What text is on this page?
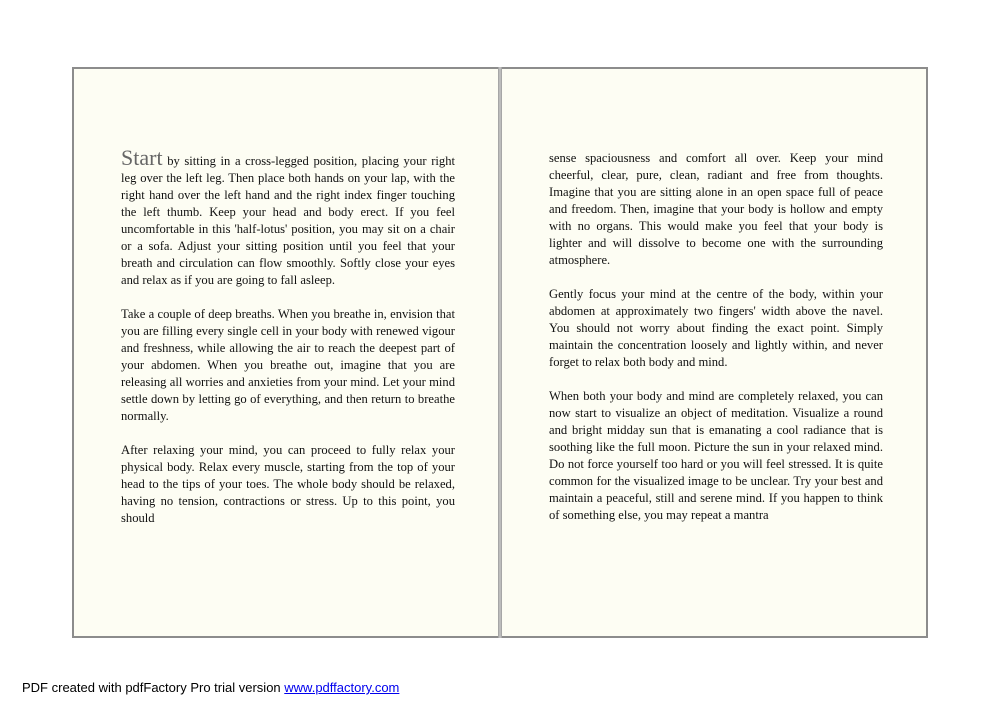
Start by sitting in a cross-legged position, placing your right leg over the left leg. Then place both hands on your lap, with the right hand over the left hand and the right index finger touching the left thumb. Keep your head and body erect. If you feel uncomfortable in this 'half-lotus' position, you may sit on a chair or a sofa. Adjust your sitting position until you feel that your breath and circulation can flow smoothly. Softly close your eyes and relax as if you are going to fall asleep.

Take a couple of deep breaths. When you breathe in, envision that you are filling every single cell in your body with renewed vigour and freshness, while allowing the air to reach the deepest part of your abdomen. When you breathe out, imagine that you are releasing all worries and anxieties from your mind. Let your mind settle down by letting go of everything, and then return to breathe normally.

After relaxing your mind, you can proceed to fully relax your physical body. Relax every muscle, starting from the top of your head to the tips of your toes. The whole body should be relaxed, having no tension, contractions or stress. Up to this point, you should

sense spaciousness and comfort all over. Keep your mind cheerful, clear, pure, clean, radiant and free from thoughts. Imagine that you are sitting alone in an open space full of peace and freedom. Then, imagine that your body is hollow and empty with no organs. This would make you feel that your body is lighter and will dissolve to become one with the surrounding atmosphere.

Gently focus your mind at the centre of the body, within your abdomen at approximately two fingers' width above the navel. You should not worry about finding the exact point. Simply maintain the concentration loosely and lightly within, and never forget to relax both body and mind.

When both your body and mind are completely relaxed, you can now start to visualize an object of meditation. Visualize a round and bright midday sun that is emanating a cool radiance that is soothing like the full moon. Picture the sun in your relaxed mind. Do not force yourself too hard or you will feel stressed. It is quite common for the visualized image to be unclear. Try your best and maintain a peaceful, still and serene mind. If you happen to think of something else, you may repeat a mantra

PDF created with pdfFactory Pro trial version www.pdffactory.com
